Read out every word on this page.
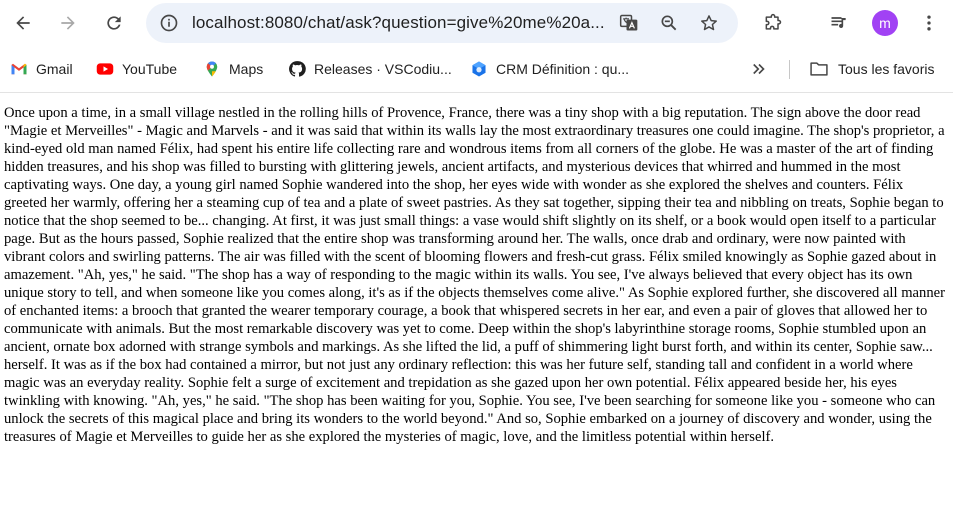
localhost:8080/chat/ask?question=give%20me%20a...	m
Gmail	YouTube	Maps	Releases · VSCodiu...	CRM Définition : qu...	Tous les favoris

Once upon a time, in a small village nestled in the rolling hills of Provence, France, there was a tiny shop with a big reputation. The sign above the door read "Magie et Merveilles" - Magic and Marvels - and it was said that within its walls lay the most extraordinary treasures one could imagine. The shop's proprietor, a kind-eyed old man named Félix, had spent his entire life collecting rare and wondrous items from all corners of the globe. He was a master of the art of finding hidden treasures, and his shop was filled to bursting with glittering jewels, ancient artifacts, and mysterious devices that whirred and hummed in the most captivating ways. One day, a young girl named Sophie wandered into the shop, her eyes wide with wonder as she explored the shelves and counters. Félix greeted her warmly, offering her a steaming cup of tea and a plate of sweet pastries. As they sat together, sipping their tea and nibbling on treats, Sophie began to notice that the shop seemed to be... changing. At first, it was just small things: a vase would shift slightly on its shelf, or a book would open itself to a particular page. But as the hours passed, Sophie realized that the entire shop was transforming around her. The walls, once drab and ordinary, were now painted with vibrant colors and swirling patterns. The air was filled with the scent of blooming flowers and fresh-cut grass. Félix smiled knowingly as Sophie gazed about in amazement. "Ah, yes," he said. "The shop has a way of responding to the magic within its walls. You see, I've always believed that every object has its own unique story to tell, and when someone like you comes along, it's as if the objects themselves come alive." As Sophie explored further, she discovered all manner of enchanted items: a brooch that granted the wearer temporary courage, a book that whispered secrets in her ear, and even a pair of gloves that allowed her to communicate with animals. But the most remarkable discovery was yet to come. Deep within the shop's labyrinthine storage rooms, Sophie stumbled upon an ancient, ornate box adorned with strange symbols and markings. As she lifted the lid, a puff of shimmering light burst forth, and within its center, Sophie saw... herself. It was as if the box had contained a mirror, but not just any ordinary reflection: this was her future self, standing tall and confident in a world where magic was an everyday reality. Sophie felt a surge of excitement and trepidation as she gazed upon her own potential. Félix appeared beside her, his eyes twinkling with knowing. "Ah, yes," he said. "The shop has been waiting for you, Sophie. You see, I've been searching for someone like you - someone who can unlock the secrets of this magical place and bring its wonders to the world beyond." And so, Sophie embarked on a journey of discovery and wonder, using the treasures of Magie et Merveilles to guide her as she explored the mysteries of magic, love, and the limitless potential within herself.
